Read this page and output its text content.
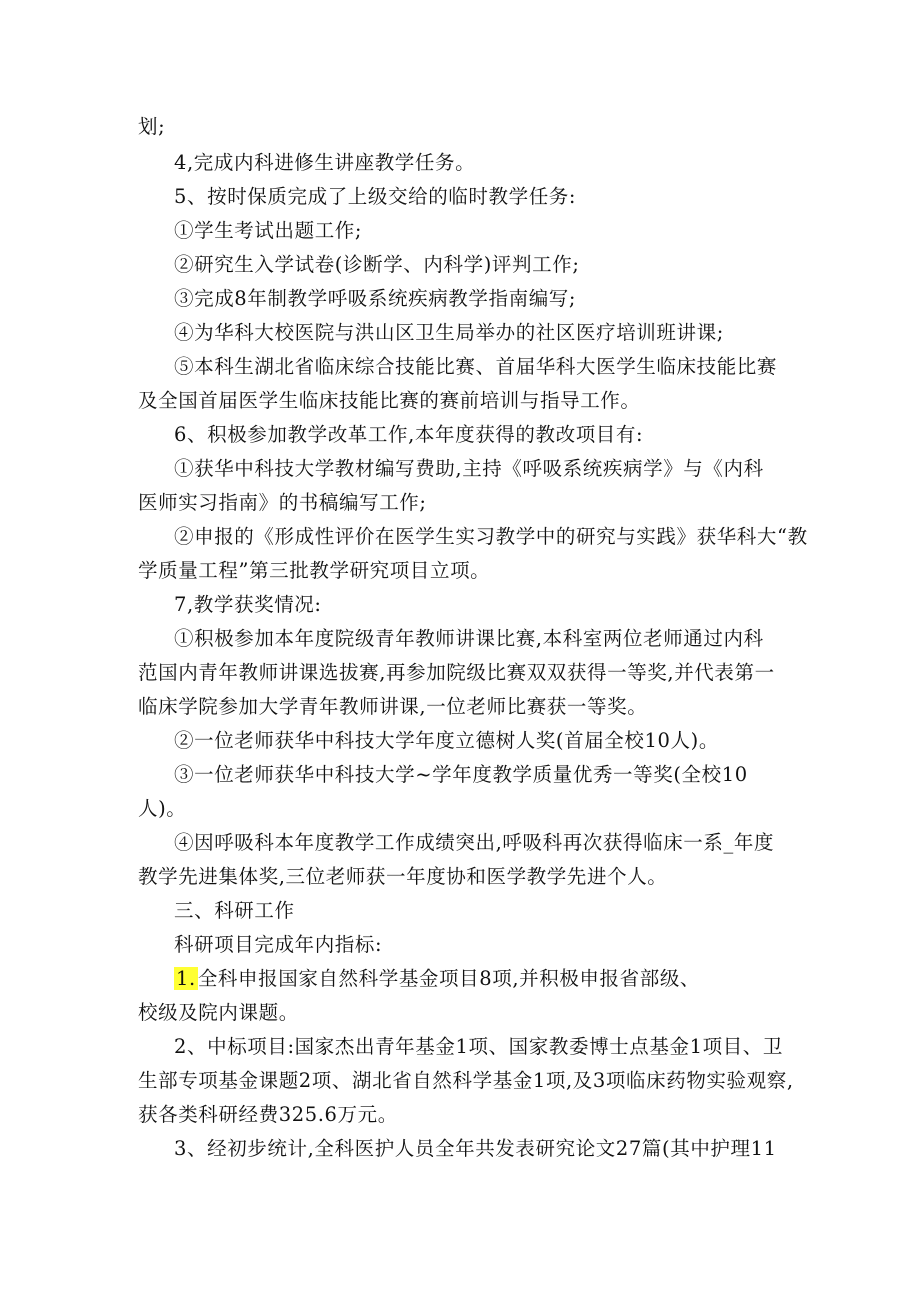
划;
4,完成内科进修生讲座教学任务。
5、按时保质完成了上级交给的临时教学任务:
①学生考试出题工作;
②研究生入学试卷(诊断学、内科学)评判工作;
③完成8年制教学呼吸系统疾病教学指南编写;
④为华科大校医院与洪山区卫生局举办的社区医疗培训班讲课;
⑤本科生湖北省临床综合技能比赛、首届华科大医学生临床技能比赛
及全国首届医学生临床技能比赛的赛前培训与指导工作。
6、积极参加教学改革工作,本年度获得的教改项目有:
①获华中科技大学教材编写费助,主持《呼吸系统疾病学》与《内科
医师实习指南》的书稿编写工作;
②申报的《形成性评价在医学生实习教学中的研究与实践》获华科大“教
学质量工程”第三批教学研究项目立项。
7,教学获奖情况:
①积极参加本年度院级青年教师讲课比赛,本科室两位老师通过内科
范国内青年教师讲课选拔赛,再参加院级比赛双双获得一等奖,并代表第一
临床学院参加大学青年教师讲课,一位老师比赛获一等奖。
②一位老师获华中科技大学年度立德树人奖(首届全校10人)。
③一位老师获华中科技大学~学年度教学质量优秀一等奖(全校10
人)。
④因呼吸科本年度教学工作成绩突出,呼吸科再次获得临床一系_年度
教学先进集体奖,三位老师获一年度协和医学教学先进个人。
三、科研工作
科研项目完成年内指标:
1. 全科申报国家自然科学基金项目8项,并积极申报省部级、
校级及院内课题。
2、中标项目:国家杰出青年基金1项、国家教委博士点基金1项目、卫
生部专项基金课题2项、湖北省自然科学基金1项,及3项临床药物实验观察,
获各类科研经费325.6万元。
3、经初步统计,全科医护人员全年共发表研究论文27篇(其中护理11
